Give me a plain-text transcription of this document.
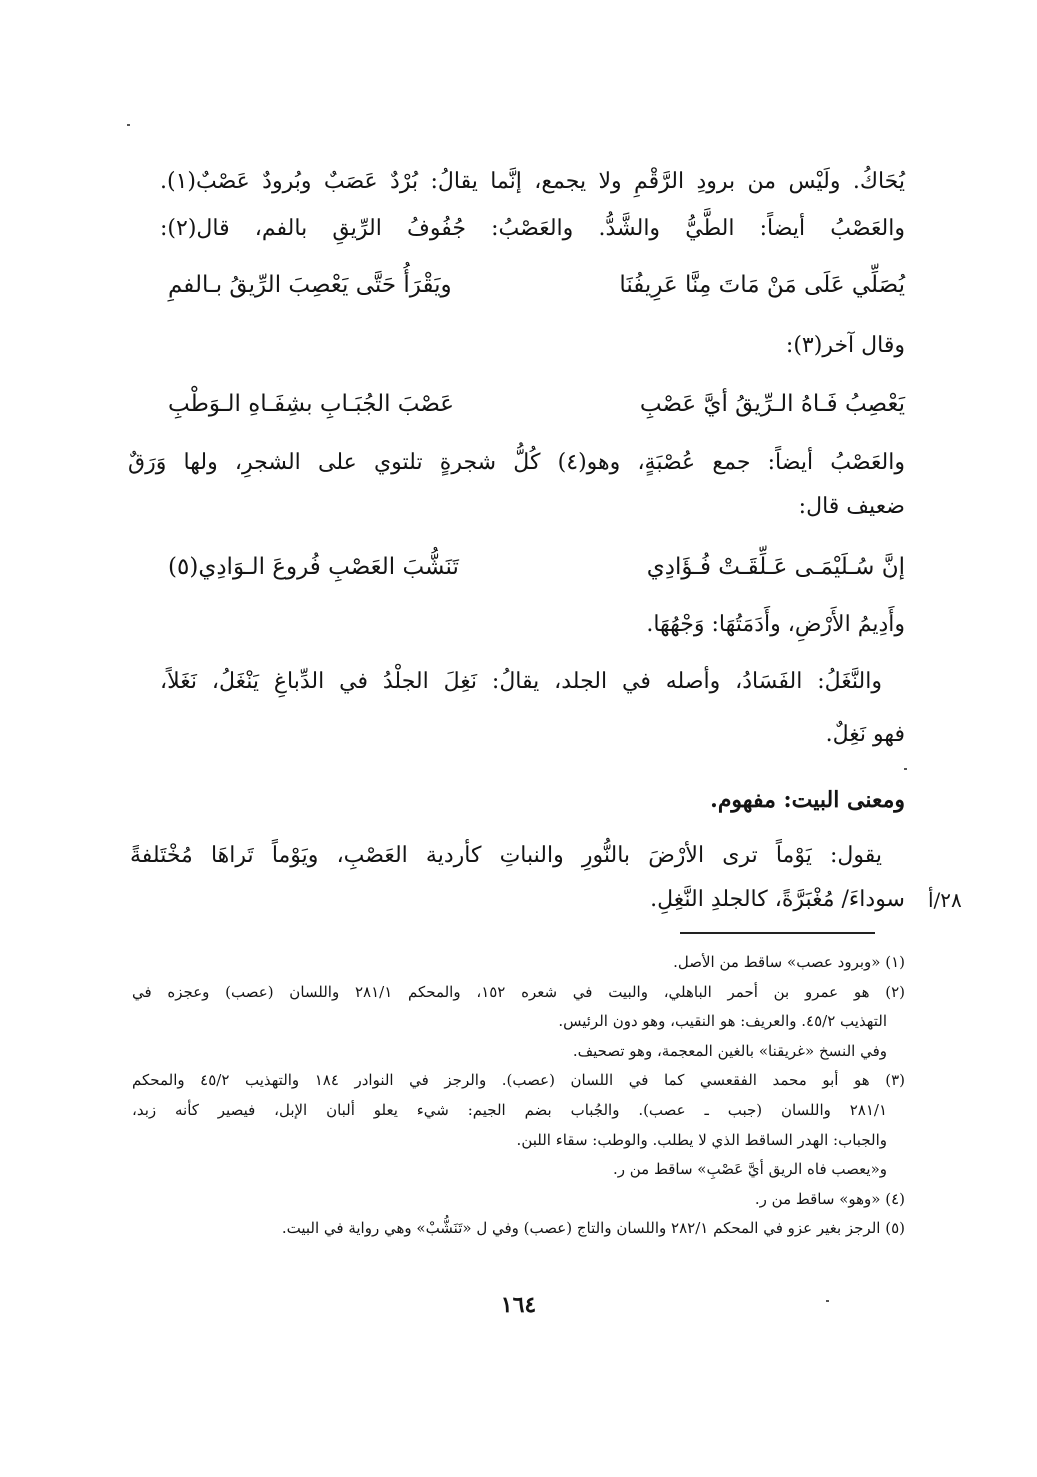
يُحَاكُ. ولَيْس من برودِ الرَّقْمِ ولا يجمع، إنَّما يقالُ: بُرْدٌ عَصَبٌ وبُرودٌ عَصْبٌ(١).
والعَصْبُ أيضاً: الطَّيُّ والشَّدُّ. والعَصْبُ: جُفُوفُ الرِّيقِ بالفم، قال(٢):
يُصَلِّي عَلَى مَنْ مَاتَ مِنَّا عَرِيفُنَا
ويَقْرَأُ حَتَّى يَعْصِبَ الرِّيقُ بـالفمِ
وقال آخر(٣):
يَعْصِبُ فَـاهُ الـرِّيقُ أيَّ عَصْبِ
عَصْبَ الجُبَـابِ بشِفَـاهِ الـوَطْبِ
والعَصْبُ أيضاً: جمع عُصْبَةٍ، وهو(٤) كُلُّ شجرةٍ تلتوي على الشجرِ، ولها وَرَقٌ
ضعيف قال:
إنَّ سُـلَيْمَـى عَـلِّقَـتْ فُـؤَادِي
تَنَشُّبَ العَصْبِ فُروعَ الـوَادِي(٥)
وأَدِيمُ الأَرْضِ، وأَدَمَتُهَا: وَجْهُهَا.
والنَّغَلُ: الفَسَادُ، وأصله في الجلد، يقالُ: نَغِلَ الجلْدُ في الدِّباغِ يَنْغَلُ، نَغَلاً،
فهو نَغِلٌ.
ومعنى البيت: مفهوم.
يقول: يَوْماً ترى الأرْضَ بالنُّورِ والنباتِ كأردية العَصْبِ، ويَوْماً تَراهَا مُخْتَلفةً
سوداءَ/ مُغْبَرَّةً، كالجلدِ النَّغِلِ. ٢٨/أ
(١) «وبرود عصب» ساقط من الأصل.
(٢) هو عمرو بن أحمر الباهلي، والبيت في شعره ١٥٢، والمحكم ٢٨١/١ واللسان (عصب) وعجزه في
التهذيب ٤٥/٢. والعريف: هو النقيب، وهو دون الرئيس.
وفي النسخ «غريقنا» بالغين المعجمة، وهو تصحيف.
(٣) هو أبو محمد الفقعسي كما في اللسان (عصب). والرجز في النوادر ١٨٤ والتهذيب ٤٥/٢ والمحكم
٢٨١/١ واللسان (جبب ـ عصب). والجُباب بضم الجيم: شيء يعلو ألبان الإبل، فيصير كأنه زبد،
والجباب: الهدر الساقط الذي لا يطلب. والوطب: سقاء اللبن.
و«يعصب فاه الريق أيَّ عَصْبِ» ساقط من ر.
(٤) «وهو» ساقط من ر.
(٥) الرجز بغير عزو في المحكم ٢٨٢/١ واللسان والتاج (عصب) وفي ل «تَنَشُّبْ» وهي رواية في البيت.
١٦٤
